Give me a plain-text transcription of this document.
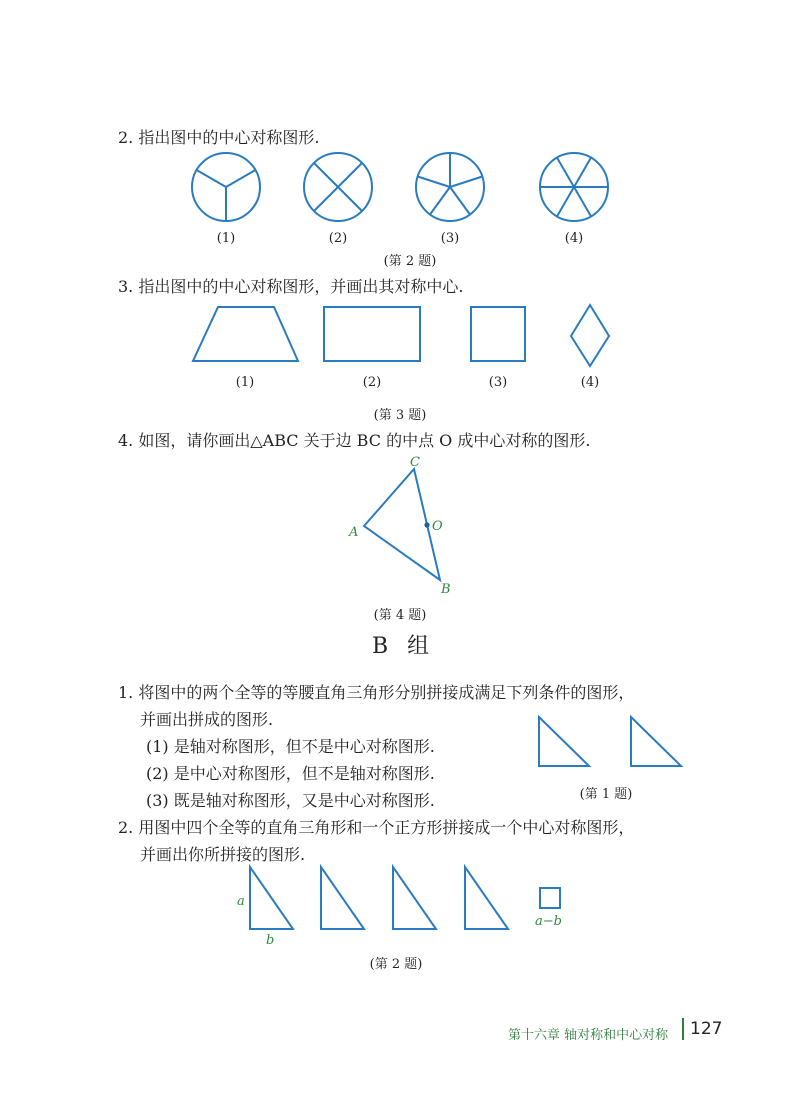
2. 指出图中的中心对称图形.
(1)	(2)	(3)	(4)
(第 2 题)
3. 指出图中的中心对称图形，并画出其对称中心.
(1)	(2)	(3)	(4)
(第 3 题)
4. 如图，请你画出△ABC 关于边 BC 的中点 O 成中心对称的图形.
C
A	O
B
a
b
a−b
(第 4 题)
B 组
1. 将图中的两个全等的等腰直角三角形分别拼接成满足下列条件的图形，
并画出拼成的图形.
(1) 是轴对称图形，但不是中心对称图形.
(2) 是中心对称图形，但不是轴对称图形.
(3) 既是轴对称图形，又是中心对称图形.	(第 1 题)
2. 用图中四个全等的直角三角形和一个正方形拼接成一个中心对称图形，
并画出你所拼接的图形.
(第 2 题)
第十六章 轴对称和中心对称 127
